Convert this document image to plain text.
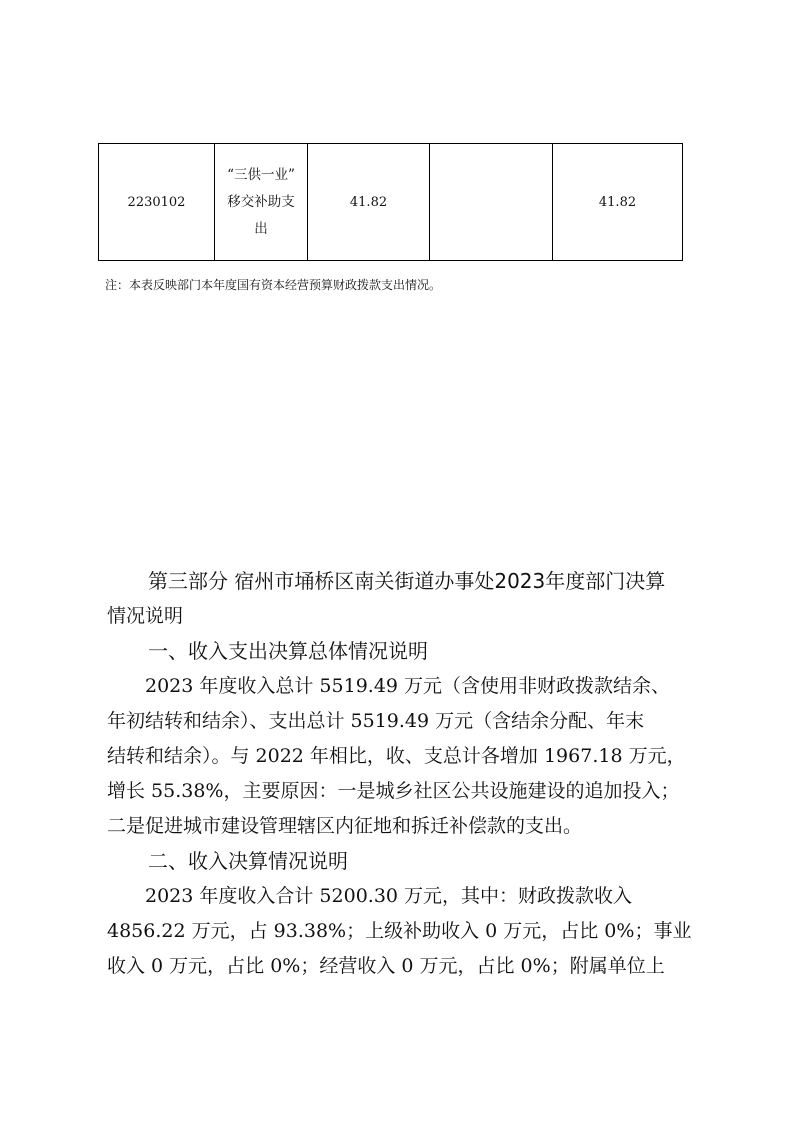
2230102	
“三供一业”
移交补助支
出
	41.82		41.82
注：本表反映部门本年度国有资本经营预算财政拨款支出情况。

第三部分 宿州市埇桥区南关街道办事处2023年度部门决算

情况说明

一、收入支出决算总体情况说明

2023 年度收入总计 5519.49 万元（含使用非财政拨款结余、

年初结转和结余）、支出总计 5519.49 万元（含结余分配、年末

结转和结余）。与 2022 年相比，收、支总计各增加 1967.18 万元，

增长 55.38%，主要原因：一是城乡社区公共设施建设的追加投入；

二是促进城市建设管理辖区内征地和拆迁补偿款的支出。

二、收入决算情况说明

2023 年度收入合计 5200.30 万元，其中：财政拨款收入

4856.22 万元，占 93.38%；上级补助收入 0 万元，占比 0%；事业

收入 0 万元，占比 0%；经营收入 0 万元，占比 0%；附属单位上
